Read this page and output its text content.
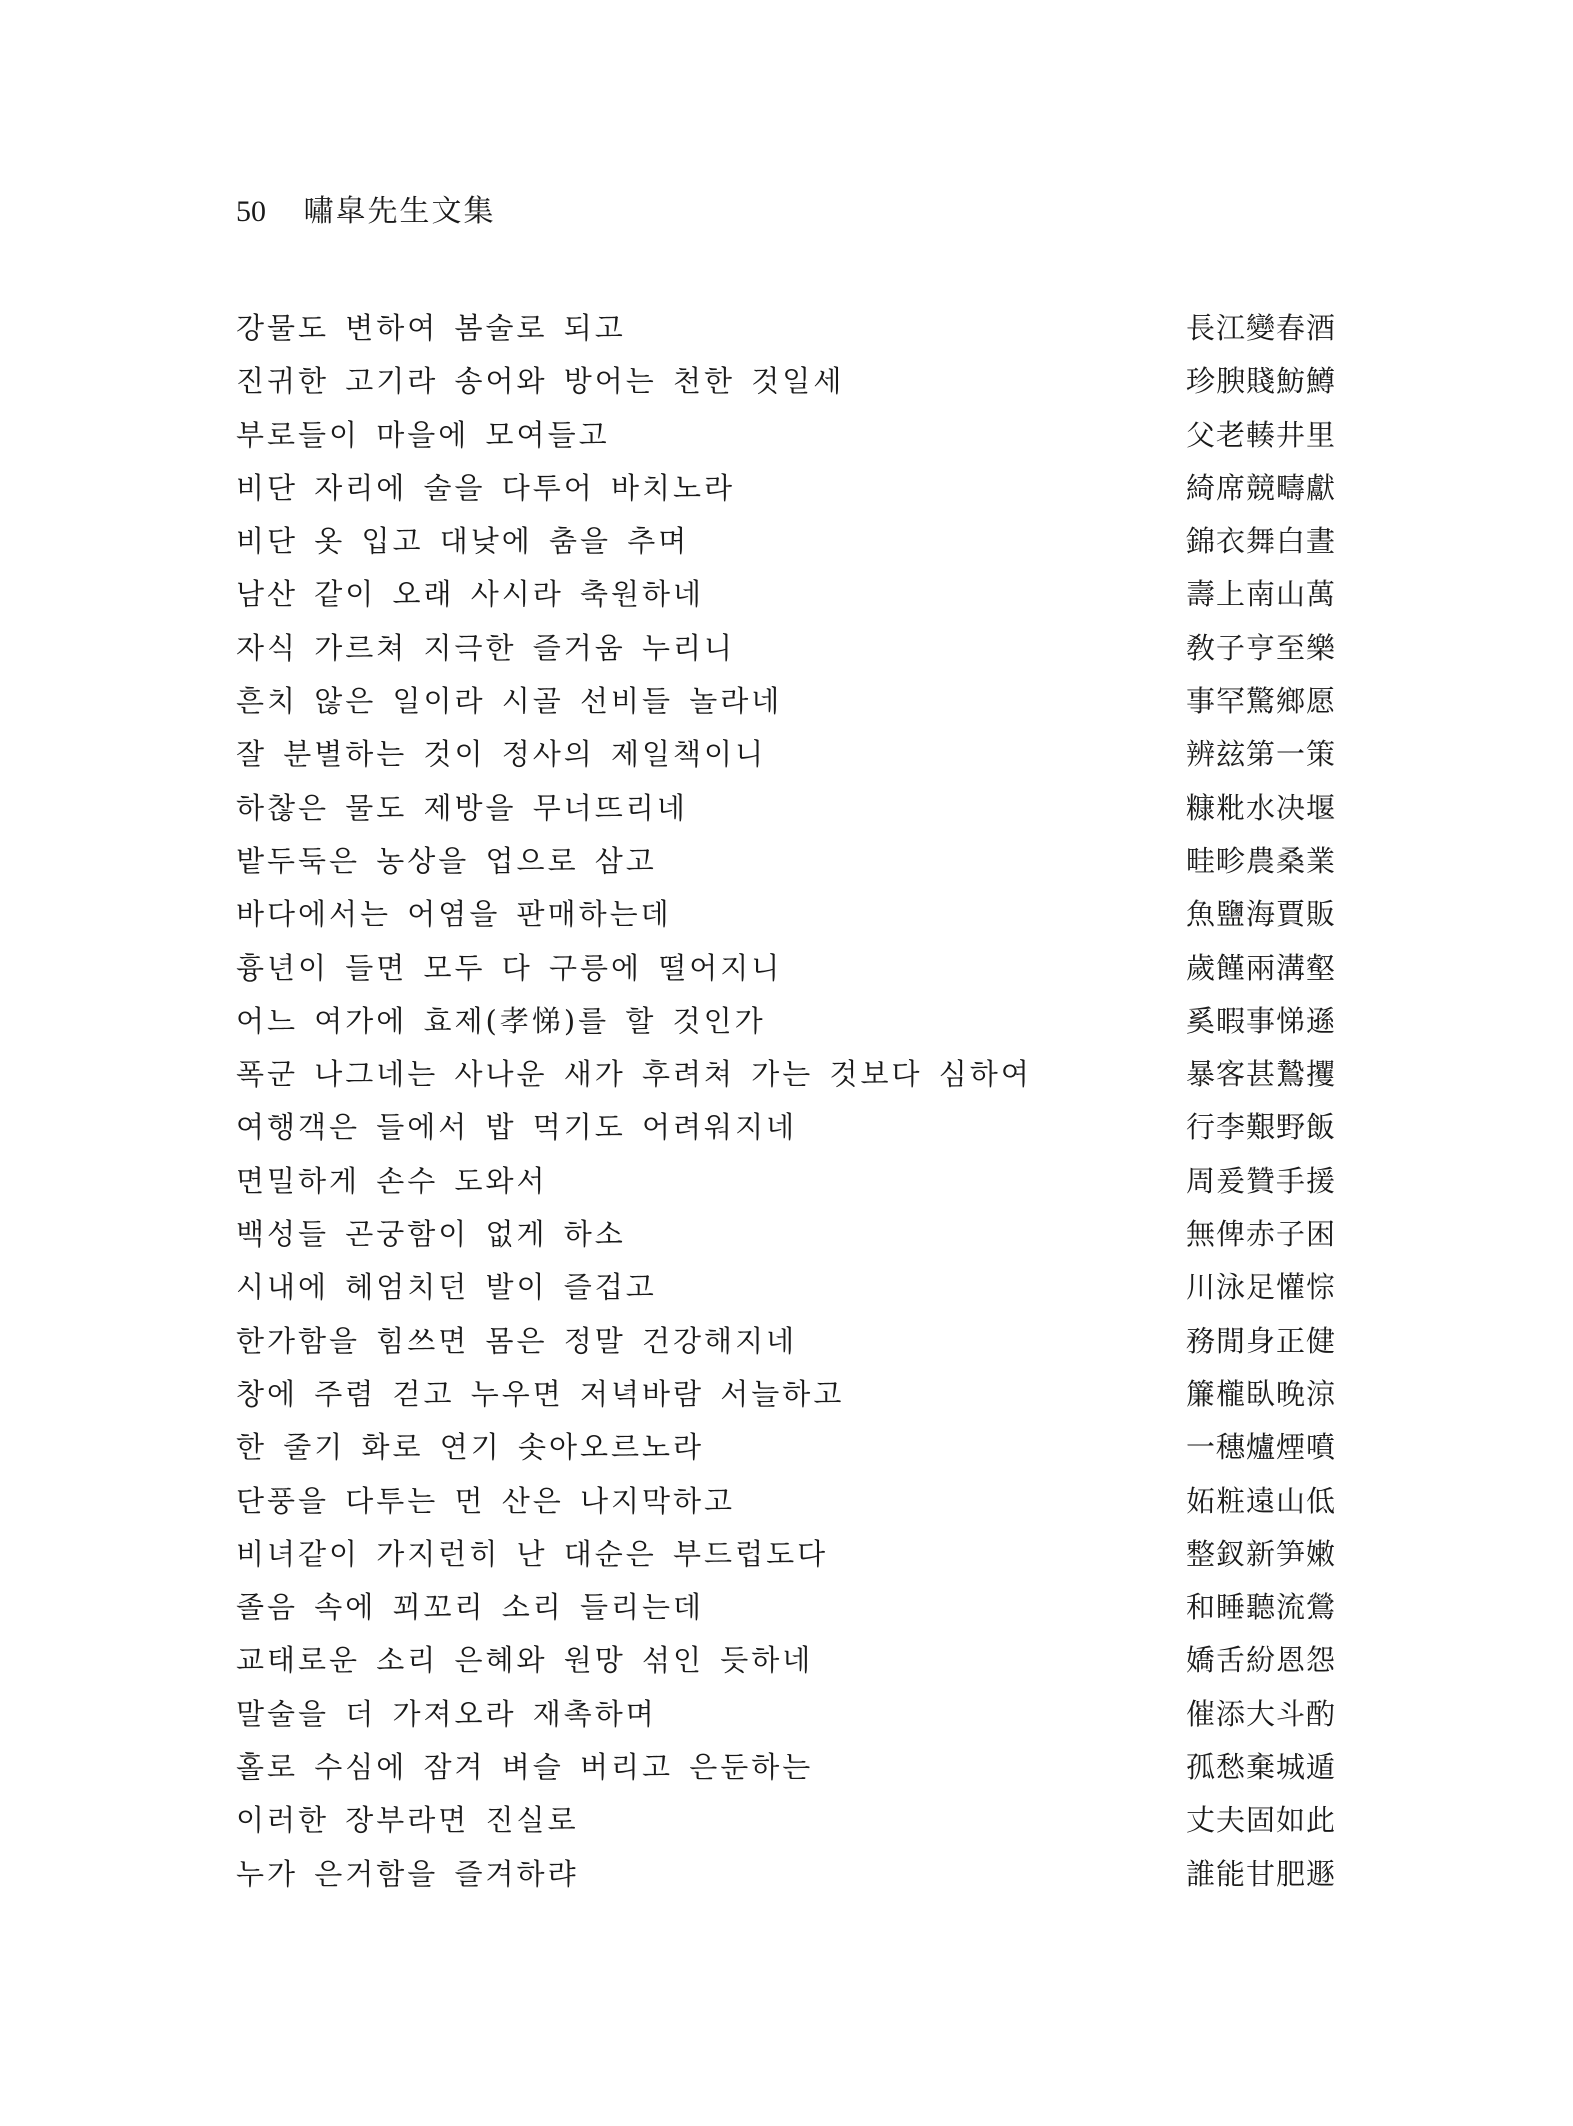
50 嘯皐先生文集
강물도 변하여 봄술로 되고	長江變春酒
진귀한 고기라 송어와 방어는 천한 것일세	珍腴賤魴鱒
부로들이 마을에 모여들고	父老輳井里
비단 자리에 술을 다투어 바치노라	綺席競疇獻
비단 옷 입고 대낮에 춤을 추며	錦衣舞白晝
남산 같이 오래 사시라 축원하네	壽上南山萬
자식 가르쳐 지극한 즐거움 누리니	敎子亨至樂
흔치 않은 일이라 시골 선비들 놀라네	事罕驚鄉愿
잘 분별하는 것이 정사의 제일책이니	辨玆第一策
하찮은 물도 제방을 무너뜨리네	糠粃水决堰
밭두둑은 농상을 업으로 삼고	畦畛農桑業
바다에서는 어염을 판매하는데	魚鹽海賈販
흉년이 들면 모두 다 구릉에 떨어지니	歲饉兩溝壑
어느 여가에 효제(孝悌)를 할 것인가	奚暇事悌遜
폭군 나그네는 사나운 새가 후려쳐 가는 것보다 심하여	暴客甚鷙攫
여행객은 들에서 밥 먹기도 어려워지네	行李艱野飯
면밀하게 손수 도와서	周爰贊手援
백성들 곤궁함이 없게 하소	無俾赤子困
시내에 헤엄치던 발이 즐겁고	川泳足懽悰
한가함을 힘쓰면 몸은 정말 건강해지네	務閒身正健
창에 주렴 걷고 누우면 저녁바람 서늘하고	簾櫳臥晚涼
한 줄기 화로 연기 솟아오르노라	一穗爐煙噴
단풍을 다투는 먼 산은 나지막하고	妬粧遠山低
비녀같이 가지런히 난 대순은 부드럽도다	整釵新笋嫩
졸음 속에 꾀꼬리 소리 들리는데	和睡聽流鶯
교태로운 소리 은혜와 원망 섞인 듯하네	嬌舌紛恩怨
말술을 더 가져오라 재촉하며	催添大斗酌
홀로 수심에 잠겨 벼슬 버리고 은둔하는	孤愁棄城遁
이러한 장부라면 진실로	丈夫固如此
누가 은거함을 즐겨하랴	誰能甘肥遯
